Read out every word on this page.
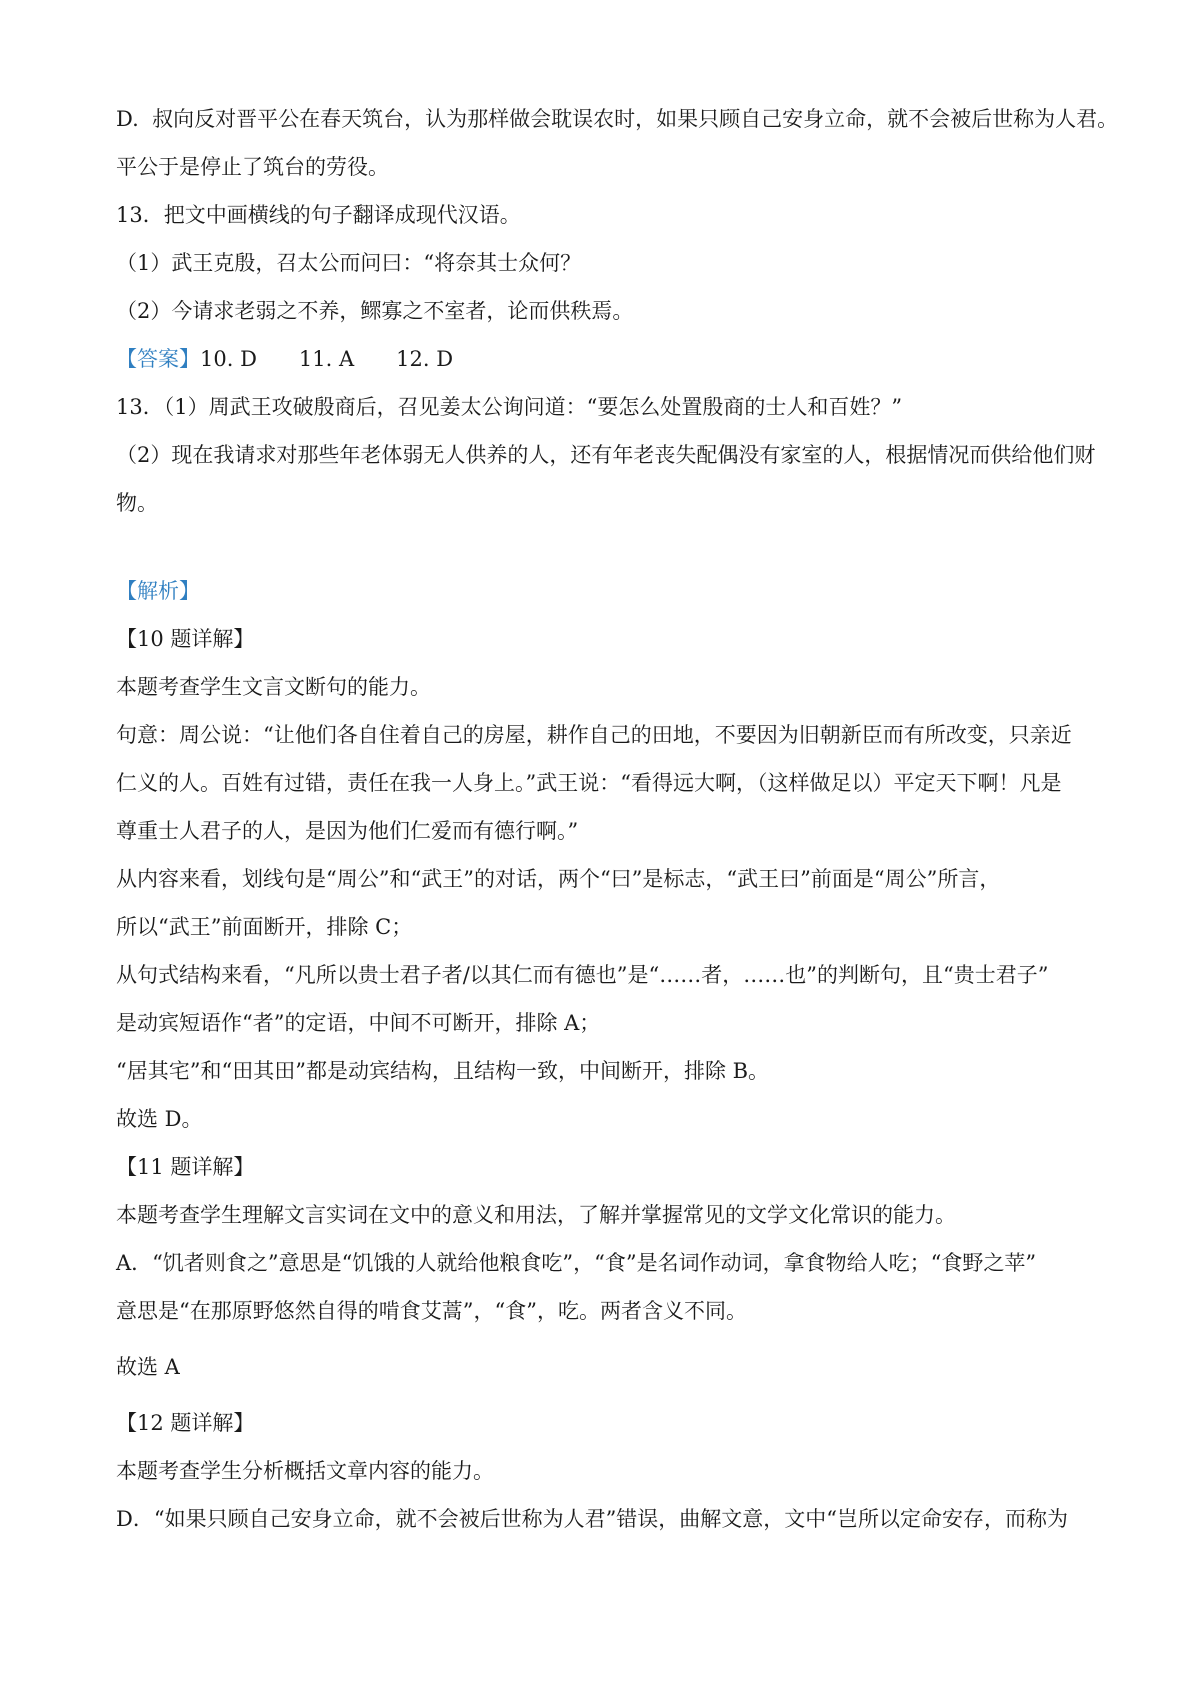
D. 叔向反对晋平公在春天筑台，认为那样做会耽误农时，如果只顾自己安身立命，就不会被后世称为人君。

平公于是停止了筑台的劳役。

13．把文中画横线的句子翻译成现代汉语。

（1）武王克殷，召太公而问曰：“将奈其士众何？

（2）今请求老弱之不养，鳏寡之不室者，论而供秩焉。

【答案】10. D 11. A 12. D

13．（1）周武王攻破殷商后，召见姜太公询问道：“要怎么处置殷商的士人和百姓？”

（2）现在我请求对那些年老体弱无人供养的人，还有年老丧失配偶没有家室的人，根据情况而供给他们财

物。

【解析】

【10 题详解】

本题考查学生文言文断句的能力。

句意：周公说：“让他们各自住着自己的房屋，耕作自己的田地，不要因为旧朝新臣而有所改变，只亲近

仁义的人。百姓有过错，责任在我一人身上。”武王说：“看得远大啊，（这样做足以）平定天下啊！凡是

尊重士人君子的人，是因为他们仁爱而有德行啊。”

从内容来看，划线句是“周公”和“武王”的对话，两个“曰”是标志，“武王曰”前面是“周公”所言，

所以“武王”前面断开，排除 C；

从句式结构来看，“凡所以贵士君子者/以其仁而有德也”是“……者，……也”的判断句，且“贵士君子”

是动宾短语作“者”的定语，中间不可断开，排除 A；

“居其宅”和“田其田”都是动宾结构，且结构一致，中间断开，排除 B。

故选 D。

【11 题详解】

本题考查学生理解文言实词在文中的意义和用法，了解并掌握常见的文学文化常识的能力。

A．“饥者则食之”意思是“饥饿的人就给他粮食吃”，“食”是名词作动词，拿食物给人吃；“食野之苹”

意思是“在那原野悠然自得的啃食艾蒿”，“食”，吃。两者含义不同。

故选 A

【12 题详解】

本题考查学生分析概括文章内容的能力。

D．“如果只顾自己安身立命，就不会被后世称为人君”错误，曲解文意，文中“岂所以定命安存，而称为
